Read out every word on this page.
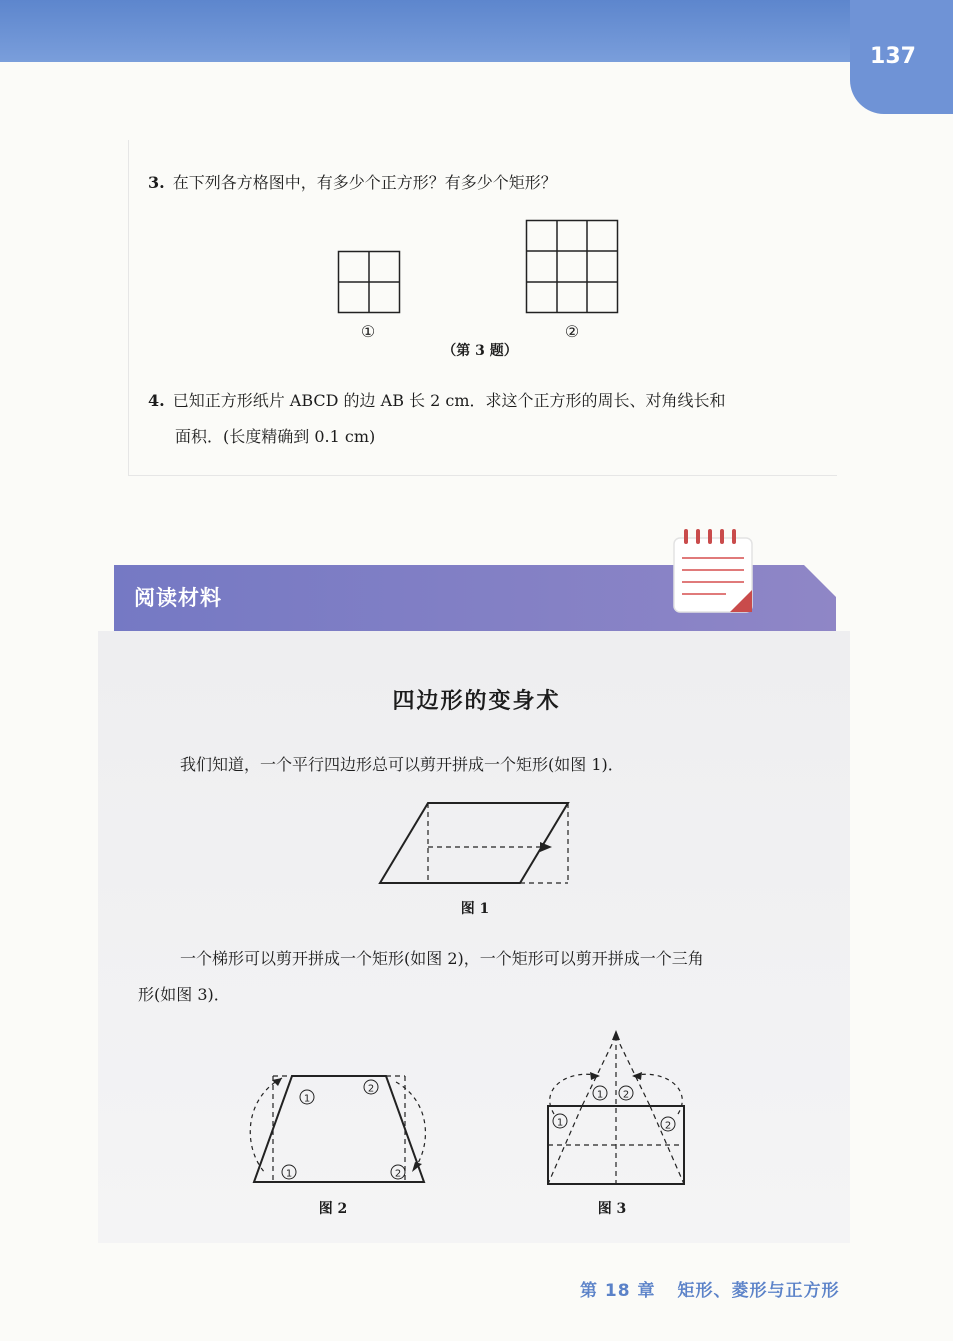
137
3. 在下列各方格图中，有多少个正方形？有多少个矩形？
①	②
（第 3 题）
4. 已知正方形纸片 ABCD 的边 AB 长 2 cm．求这个正方形的周长、对角线长和
面积．(长度精确到 0.1 cm)
阅读材料
四边形的变身术
我们知道，一个平行四边形总可以剪开拼成一个矩形(如图 1)．
图 1
一个梯形可以剪开拼成一个矩形(如图 2)，一个矩形可以剪开拼成一个三角
形(如图 3)．
1
2
1	2
图 2
1 2
1	2
图 3
第 18 章 矩形、菱形与正方形
